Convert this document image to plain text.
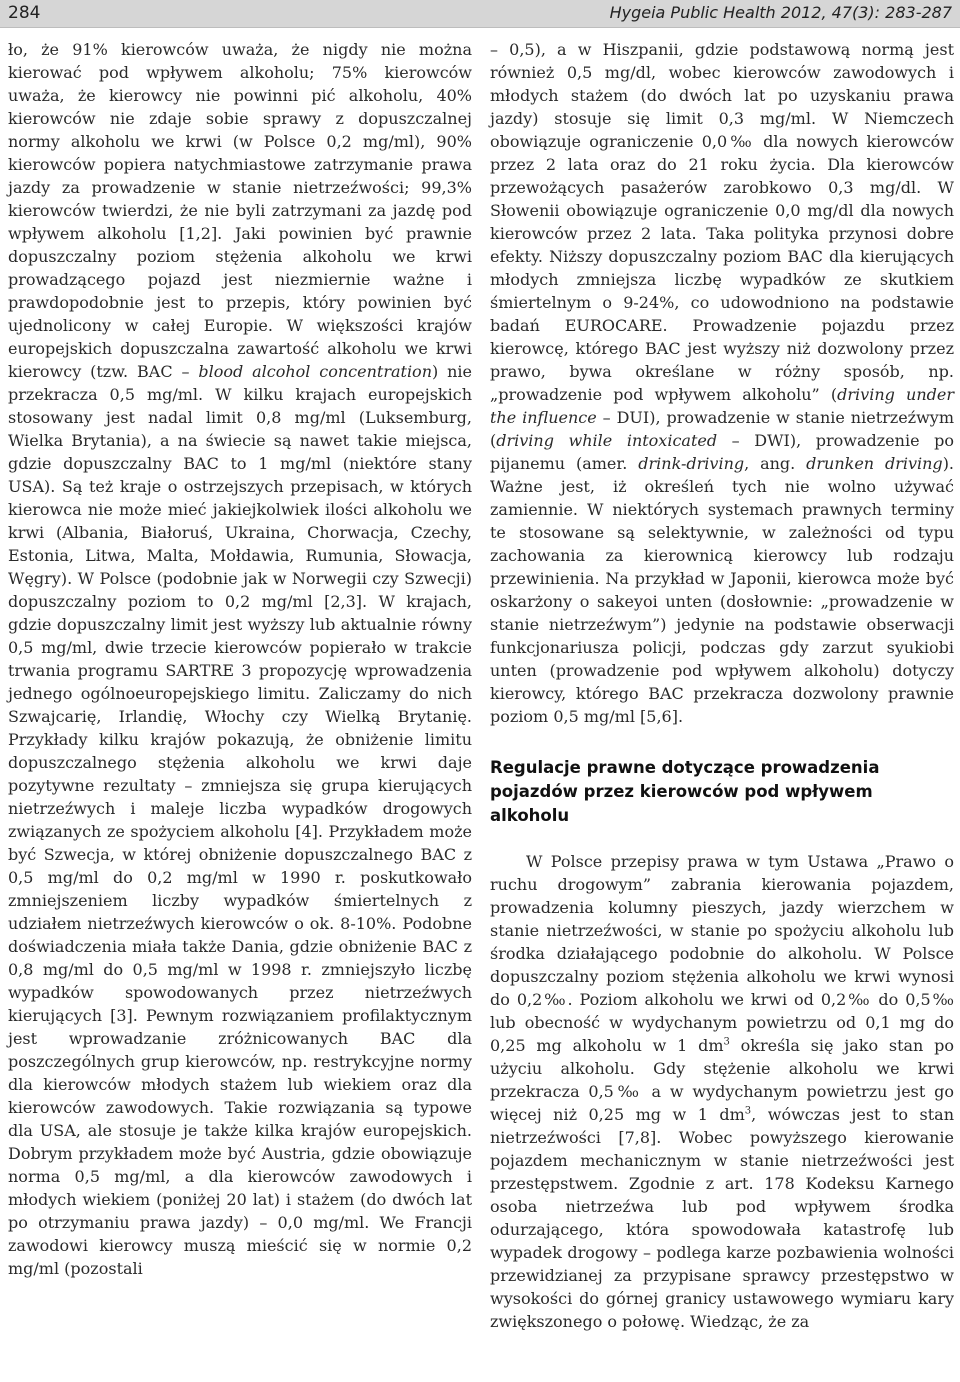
284	Hygeia Public Health 2012, 47(3): 283-287

ło, że 91% kierowców uważa, że nigdy nie można kierować pod wpływem alkoholu; 75% kierowców uważa, że kierowcy nie powinni pić alkoholu, 40% kierowców nie zdaje sobie sprawy z dopuszczalnej normy alkoholu we krwi (w Polsce 0,2 mg/ml), 90% kierowców popiera natychmiastowe zatrzymanie prawa jazdy za prowadzenie w stanie nietrzeźwości; 99,3% kierowców twierdzi, że nie byli zatrzymani za jazdę pod wpływem alkoholu [1,2]. Jaki powinien być prawnie dopuszczalny poziom stężenia alkoholu we krwi prowadzącego pojazd jest niezmiernie ważne i prawdopodobnie jest to przepis, który powinien być ujednolicony w całej Europie. W większości krajów europejskich dopuszczalna zawartość alkoholu we krwi kierowcy (tzw. BAC – blood alcohol concentration) nie przekracza 0,5 mg/ml. W kilku krajach europejskich stosowany jest nadal limit 0,8 mg/ml (Luksemburg, Wielka Brytania), a na świecie są nawet takie miejsca, gdzie dopuszczalny BAC to 1 mg/ml (niektóre stany USA). Są też kraje o ostrzejszych przepisach, w których kierowca nie może mieć jakiejkolwiek ilości alkoholu we krwi (Albania, Białoruś, Ukraina, Chorwacja, Czechy, Estonia, Litwa, Malta, Mołdawia, Rumunia, Słowacja, Węgry). W Polsce (podobnie jak w Norwegii czy Szwecji) dopuszczalny poziom to 0,2 mg/ml [2,3]. W krajach, gdzie dopuszczalny limit jest wyższy lub aktualnie równy 0,5 mg/ml, dwie trzecie kierowców popierało w trakcie trwania programu SARTRE 3 propozycję wprowadzenia jednego ogólnoeuropejskiego limitu. Zaliczamy do nich Szwajcarię, Irlandię, Włochy czy Wielką Brytanię. Przykłady kilku krajów pokazują, że obniżenie limitu dopuszczalnego stężenia alkoholu we krwi daje pozytywne rezultaty – zmniejsza się grupa kierujących nietrzeźwych i maleje liczba wypadków drogowych związanych ze spożyciem alkoholu [4]. Przykładem może być Szwecja, w której obniżenie dopuszczalnego BAC z 0,5 mg/ml do 0,2 mg/ml w 1990 r. poskutkowało zmniejszeniem liczby wypadków śmiertelnych z udziałem nietrzeźwych kierowców o ok. 8-10%. Podobne doświadczenia miała także Dania, gdzie obniżenie BAC z 0,8 mg/ml do 0,5 mg/ml w 1998 r. zmniejszyło liczbę wypadków spowodowanych przez nietrzeźwych kierujących [3]. Pewnym rozwiązaniem profilaktycznym jest wprowadzanie zróżnicowanych BAC dla poszczególnych grup kierowców, np. restrykcyjne normy dla kierowców młodych stażem lub wiekiem oraz dla kierowców zawodowych. Takie rozwiązania są typowe dla USA, ale stosuje je także kilka krajów europejskich. Dobrym przykładem może być Austria, gdzie obowiązuje norma 0,5 mg/ml, a dla kierowców zawodowych i młodych wiekiem (poniżej 20 lat) i stażem (do dwóch lat po otrzymaniu prawa jazdy) – 0,0 mg/ml. We Francji zawodowi kierowcy muszą mieścić się w normie 0,2 mg/ml (pozostali

– 0,5), a w Hiszpanii, gdzie podstawową normą jest również 0,5 mg/dl, wobec kierowców zawodowych i młodych stażem (do dwóch lat po uzyskaniu prawa jazdy) stosuje się limit 0,3 mg/ml. W Niemczech obowiązuje ograniczenie 0,0‰ dla nowych kierowców przez 2 lata oraz do 21 roku życia. Dla kierowców przewożących pasażerów zarobkowo 0,3 mg/dl. W Słowenii obowiązuje ograniczenie 0,0 mg/dl dla nowych kierowców przez 2 lata. Taka polityka przynosi dobre efekty. Niższy dopuszczalny poziom BAC dla kierujących młodych zmniejsza liczbę wypadków ze skutkiem śmiertelnym o 9-24%, co udowodniono na podstawie badań EUROCARE. Prowadzenie pojazdu przez kierowcę, którego BAC jest wyższy niż dozwolony przez prawo, bywa określane w różny sposób, np. „prowadzenie pod wpływem alkoholu” (driving under the influence – DUI), prowadzenie w stanie nietrzeźwym (driving while intoxicated – DWI), prowadzenie po pijanemu (amer. drink-driving, ang. drunken driving). Ważne jest, iż określeń tych nie wolno używać zamiennie. W niektórych systemach prawnych terminy te stosowane są selektywnie, w zależności od typu zachowania za kierownicą kierowcy lub rodzaju przewinienia. Na przykład w Japonii, kierowca może być oskarżony o sakeyoi unten (dosłownie: „prowadzenie w stanie nietrzeźwym”) jedynie na podstawie obserwacji funkcjonariusza policji, podczas gdy zarzut syukiobi unten (prowadzenie pod wpływem alkoholu) dotyczy kierowcy, którego BAC przekracza dozwolony prawnie poziom 0,5 mg/ml [5,6].

Regulacje prawne dotyczące prowadzenia pojazdów przez kierowców pod wpływem alkoholu

W Polsce przepisy prawa w tym Ustawa „Prawo o ruchu drogowym” zabrania kierowania pojazdem, prowadzenia kolumny pieszych, jazdy wierzchem w stanie nietrzeźwości, w stanie po spożyciu alkoholu lub środka działającego podobnie do alkoholu. W Polsce dopuszczalny poziom stężenia alkoholu we krwi wynosi do 0,2‰. Poziom alkoholu we krwi od 0,2‰ do 0,5‰ lub obecność w wydychanym powietrzu od 0,1 mg do 0,25 mg alkoholu w 1 $dm^3$ określa się jako stan po użyciu alkoholu. Gdy stężenie alkoholu we krwi przekracza 0,5‰ a w wydychanym powietrzu jest go więcej niż 0,25 mg w 1 $dm^3$, wówczas jest to stan nietrzeźwości [7,8]. Wobec powyższego kierowanie pojazdem mechanicznym w stanie nietrzeźwości jest przestępstwem. Zgodnie z art. 178 Kodeksu Karnego osoba nietrzeźwa lub pod wpływem środka odurzającego, która spowodowała katastrofę lub wypadek drogowy – podlega karze pozbawienia wolności przewidzianej za przypisane sprawcy przestępstwo w wysokości do górnej granicy ustawowego wymiaru kary zwiększonego o połowę. Wiedząc, że za
